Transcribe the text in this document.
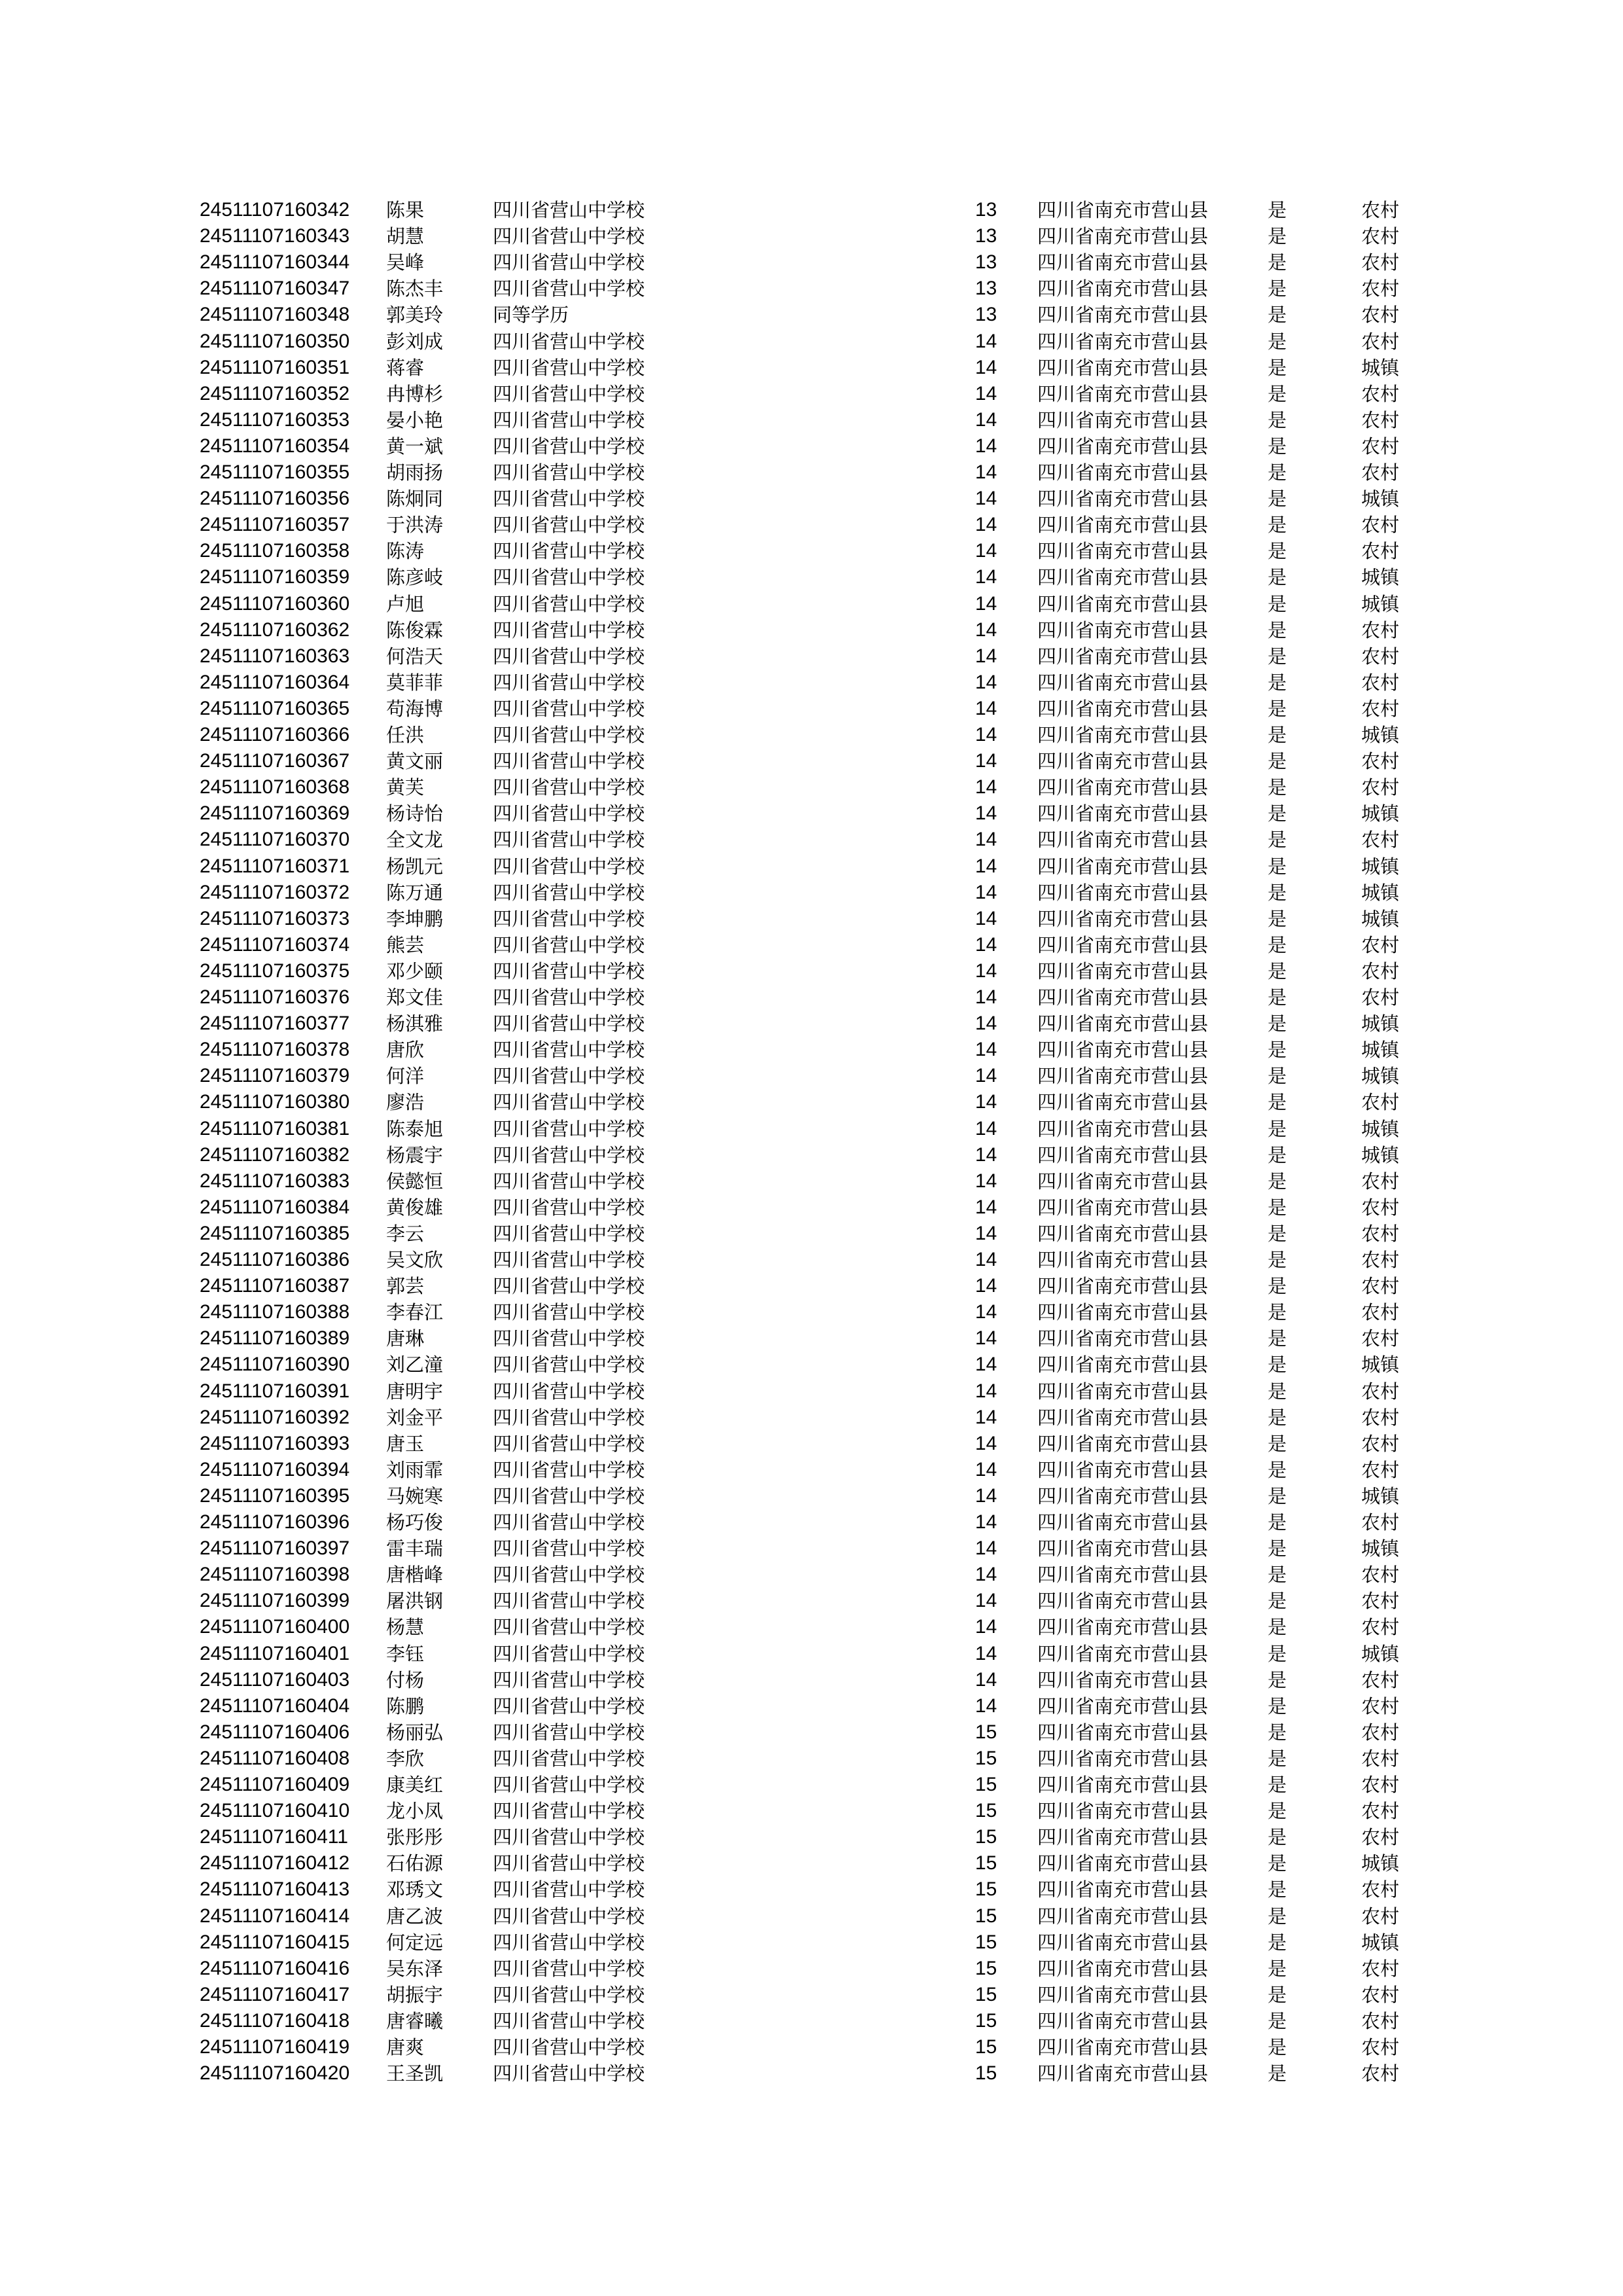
24511107160342	陈果	四川省营山中学校	13	四川省南充市营山县	是	农村
24511107160343	胡慧	四川省营山中学校	13	四川省南充市营山县	是	农村
24511107160344	吴峰	四川省营山中学校	13	四川省南充市营山县	是	农村
24511107160347	陈杰丰	四川省营山中学校	13	四川省南充市营山县	是	农村
24511107160348	郭美玲	同等学历	13	四川省南充市营山县	是	农村
24511107160350	彭刘成	四川省营山中学校	14	四川省南充市营山县	是	农村
24511107160351	蒋睿	四川省营山中学校	14	四川省南充市营山县	是	城镇
24511107160352	冉博杉	四川省营山中学校	14	四川省南充市营山县	是	农村
24511107160353	晏小艳	四川省营山中学校	14	四川省南充市营山县	是	农村
24511107160354	黄一斌	四川省营山中学校	14	四川省南充市营山县	是	农村
24511107160355	胡雨扬	四川省营山中学校	14	四川省南充市营山县	是	农村
24511107160356	陈炯同	四川省营山中学校	14	四川省南充市营山县	是	城镇
24511107160357	于洪涛	四川省营山中学校	14	四川省南充市营山县	是	农村
24511107160358	陈涛	四川省营山中学校	14	四川省南充市营山县	是	农村
24511107160359	陈彦岐	四川省营山中学校	14	四川省南充市营山县	是	城镇
24511107160360	卢旭	四川省营山中学校	14	四川省南充市营山县	是	城镇
24511107160362	陈俊霖	四川省营山中学校	14	四川省南充市营山县	是	农村
24511107160363	何浩天	四川省营山中学校	14	四川省南充市营山县	是	农村
24511107160364	莫菲菲	四川省营山中学校	14	四川省南充市营山县	是	农村
24511107160365	苟海博	四川省营山中学校	14	四川省南充市营山县	是	农村
24511107160366	任洪	四川省营山中学校	14	四川省南充市营山县	是	城镇
24511107160367	黄文丽	四川省营山中学校	14	四川省南充市营山县	是	农村
24511107160368	黄芙	四川省营山中学校	14	四川省南充市营山县	是	农村
24511107160369	杨诗怡	四川省营山中学校	14	四川省南充市营山县	是	城镇
24511107160370	全文龙	四川省营山中学校	14	四川省南充市营山县	是	农村
24511107160371	杨凯元	四川省营山中学校	14	四川省南充市营山县	是	城镇
24511107160372	陈万通	四川省营山中学校	14	四川省南充市营山县	是	城镇
24511107160373	李坤鹏	四川省营山中学校	14	四川省南充市营山县	是	城镇
24511107160374	熊芸	四川省营山中学校	14	四川省南充市营山县	是	农村
24511107160375	邓少颐	四川省营山中学校	14	四川省南充市营山县	是	农村
24511107160376	郑文佳	四川省营山中学校	14	四川省南充市营山县	是	农村
24511107160377	杨淇雅	四川省营山中学校	14	四川省南充市营山县	是	城镇
24511107160378	唐欣	四川省营山中学校	14	四川省南充市营山县	是	城镇
24511107160379	何洋	四川省营山中学校	14	四川省南充市营山县	是	城镇
24511107160380	廖浩	四川省营山中学校	14	四川省南充市营山县	是	农村
24511107160381	陈泰旭	四川省营山中学校	14	四川省南充市营山县	是	城镇
24511107160382	杨震宇	四川省营山中学校	14	四川省南充市营山县	是	城镇
24511107160383	侯懿恒	四川省营山中学校	14	四川省南充市营山县	是	农村
24511107160384	黄俊雄	四川省营山中学校	14	四川省南充市营山县	是	农村
24511107160385	李云	四川省营山中学校	14	四川省南充市营山县	是	农村
24511107160386	吴文欣	四川省营山中学校	14	四川省南充市营山县	是	农村
24511107160387	郭芸	四川省营山中学校	14	四川省南充市营山县	是	农村
24511107160388	李春江	四川省营山中学校	14	四川省南充市营山县	是	农村
24511107160389	唐琳	四川省营山中学校	14	四川省南充市营山县	是	农村
24511107160390	刘乙潼	四川省营山中学校	14	四川省南充市营山县	是	城镇
24511107160391	唐明宇	四川省营山中学校	14	四川省南充市营山县	是	农村
24511107160392	刘金平	四川省营山中学校	14	四川省南充市营山县	是	农村
24511107160393	唐玉	四川省营山中学校	14	四川省南充市营山县	是	农村
24511107160394	刘雨霏	四川省营山中学校	14	四川省南充市营山县	是	农村
24511107160395	马婉寒	四川省营山中学校	14	四川省南充市营山县	是	城镇
24511107160396	杨巧俊	四川省营山中学校	14	四川省南充市营山县	是	农村
24511107160397	雷丰瑞	四川省营山中学校	14	四川省南充市营山县	是	城镇
24511107160398	唐楷峰	四川省营山中学校	14	四川省南充市营山县	是	农村
24511107160399	屠洪钢	四川省营山中学校	14	四川省南充市营山县	是	农村
24511107160400	杨慧	四川省营山中学校	14	四川省南充市营山县	是	农村
24511107160401	李钰	四川省营山中学校	14	四川省南充市营山县	是	城镇
24511107160403	付杨	四川省营山中学校	14	四川省南充市营山县	是	农村
24511107160404	陈鹏	四川省营山中学校	14	四川省南充市营山县	是	农村
24511107160406	杨丽弘	四川省营山中学校	15	四川省南充市营山县	是	农村
24511107160408	李欣	四川省营山中学校	15	四川省南充市营山县	是	农村
24511107160409	康美红	四川省营山中学校	15	四川省南充市营山县	是	农村
24511107160410	龙小凤	四川省营山中学校	15	四川省南充市营山县	是	农村
24511107160411	张彤彤	四川省营山中学校	15	四川省南充市营山县	是	农村
24511107160412	石佑源	四川省营山中学校	15	四川省南充市营山县	是	城镇
24511107160413	邓琇文	四川省营山中学校	15	四川省南充市营山县	是	农村
24511107160414	唐乙波	四川省营山中学校	15	四川省南充市营山县	是	农村
24511107160415	何定远	四川省营山中学校	15	四川省南充市营山县	是	城镇
24511107160416	吴东泽	四川省营山中学校	15	四川省南充市营山县	是	农村
24511107160417	胡振宇	四川省营山中学校	15	四川省南充市营山县	是	农村
24511107160418	唐睿曦	四川省营山中学校	15	四川省南充市营山县	是	农村
24511107160419	唐爽	四川省营山中学校	15	四川省南充市营山县	是	农村
24511107160420	王圣凯	四川省营山中学校	15	四川省南充市营山县	是	农村
